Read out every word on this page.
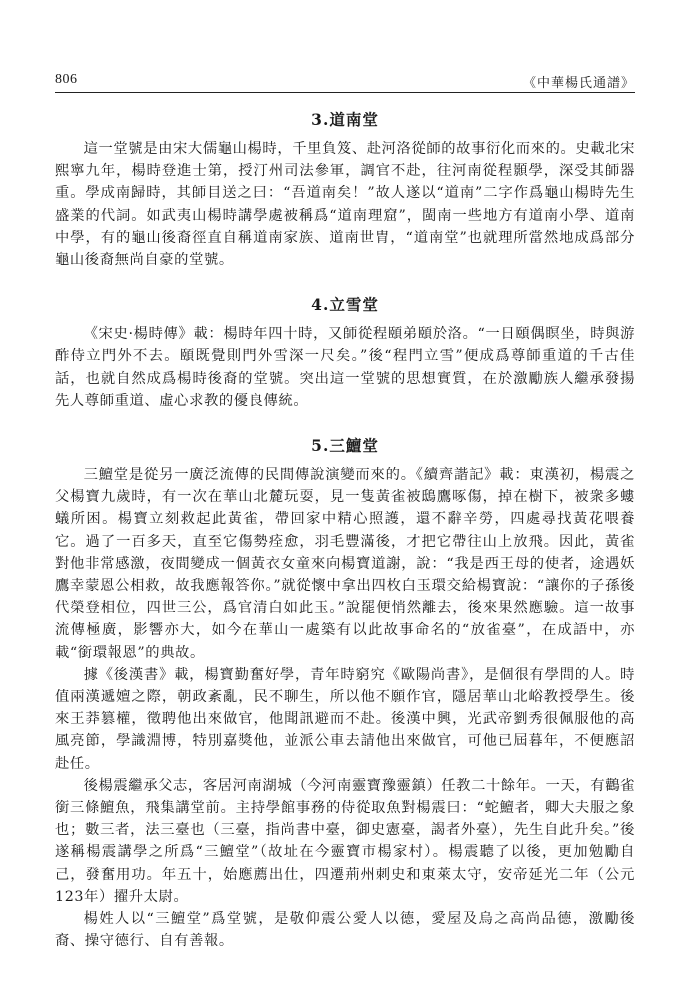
806	《中華楊氏通譜》
3.道南堂

這一堂號是由宋大儒龜山楊時，千里負笈、赴河洛從師的故事衍化而來的。史載北宋熙寧九年，楊時登進士第，授汀州司法參軍，調官不赴，往河南從程顥學，深受其師器重。學成南歸時，其師目送之曰：“吾道南矣！”故人遂以“道南”二字作爲龜山楊時先生盛業的代詞。如武夷山楊時講學處被稱爲“道南理窟”，閩南一些地方有道南小學、道南中學，有的龜山後裔徑直自稱道南家族、道南世胄，“道南堂”也就理所當然地成爲部分龜山後裔無尚自豪的堂號。

4.立雪堂

《宋史·楊時傳》載：楊時年四十時，又師從程頤弟頤於洛。“一日頤偶瞑坐，時與游酢侍立門外不去。頤既覺則門外雪深一尺矣。”後“程門立雪”便成爲尊師重道的千古佳話，也就自然成爲楊時後裔的堂號。突出這一堂號的思想實質，在於激勵族人繼承發揚先人尊師重道、虛心求教的優良傳統。

5.三鱣堂

三鱣堂是從另一廣泛流傳的民間傳說演變而來的。《續齊諧記》載：東漢初，楊震之父楊寶九歲時，有一次在華山北麓玩耍，見一隻黃雀被鴟鷹啄傷，掉在樹下，被衆多螻蟻所困。楊寶立刻救起此黃雀，帶回家中精心照護，還不辭辛勞，四處尋找黃花喂養它。過了一百多天，直至它傷勢痊愈，羽毛豐滿後，才把它帶往山上放飛。因此，黃雀對他非常感激，夜間變成一個黃衣女童來向楊寶道謝，說：“我是西王母的使者，途遇妖鷹幸蒙恩公相救，故我應報答你。”就從懷中拿出四枚白玉環交給楊寶說：“讓你的子孫後代榮登相位，四世三公，爲官清白如此玉。”說罷便悄然離去，後來果然應驗。這一故事流傳極廣，影響亦大，如今在華山一處築有以此故事命名的“放雀臺”，在成語中，亦載“銜環報恩”的典故。

據《後漢書》載，楊寶勤奮好學，青年時窮究《歐陽尚書》，是個很有學問的人。時值兩漢遞嬗之際，朝政紊亂，民不聊生，所以他不願作官，隱居華山北峪教授學生。後來王莽篡權，徵聘他出來做官，他聞訊避而不赴。後漢中興，光武帝劉秀很佩服他的高風亮節，學識淵博，特別嘉獎他，並派公車去請他出來做官，可他已屆暮年，不便應詔赴任。

後楊震繼承父志，客居河南湖城（今河南靈寶豫靈鎮）任教二十餘年。一天，有鸛雀銜三條鱣魚，飛集講堂前。主持學館事務的侍從取魚對楊震曰：“蛇鱣者，卿大夫服之象也；數三者，法三臺也（三臺，指尚書中臺，御史憲臺，謁者外臺），先生自此升矣。”後遂稱楊震講學之所爲“三鱣堂”（故址在今靈寶市楊家村）。楊震聽了以後，更加勉勵自己，發奮用功。年五十，始應薦出仕，四遷荊州刺史和東萊太守，安帝延光二年（公元123年）擢升太尉。

楊姓人以“三鱣堂”爲堂號，是敬仰震公愛人以德，愛屋及烏之高尚品德，激勵後裔、操守德行、自有善報。
